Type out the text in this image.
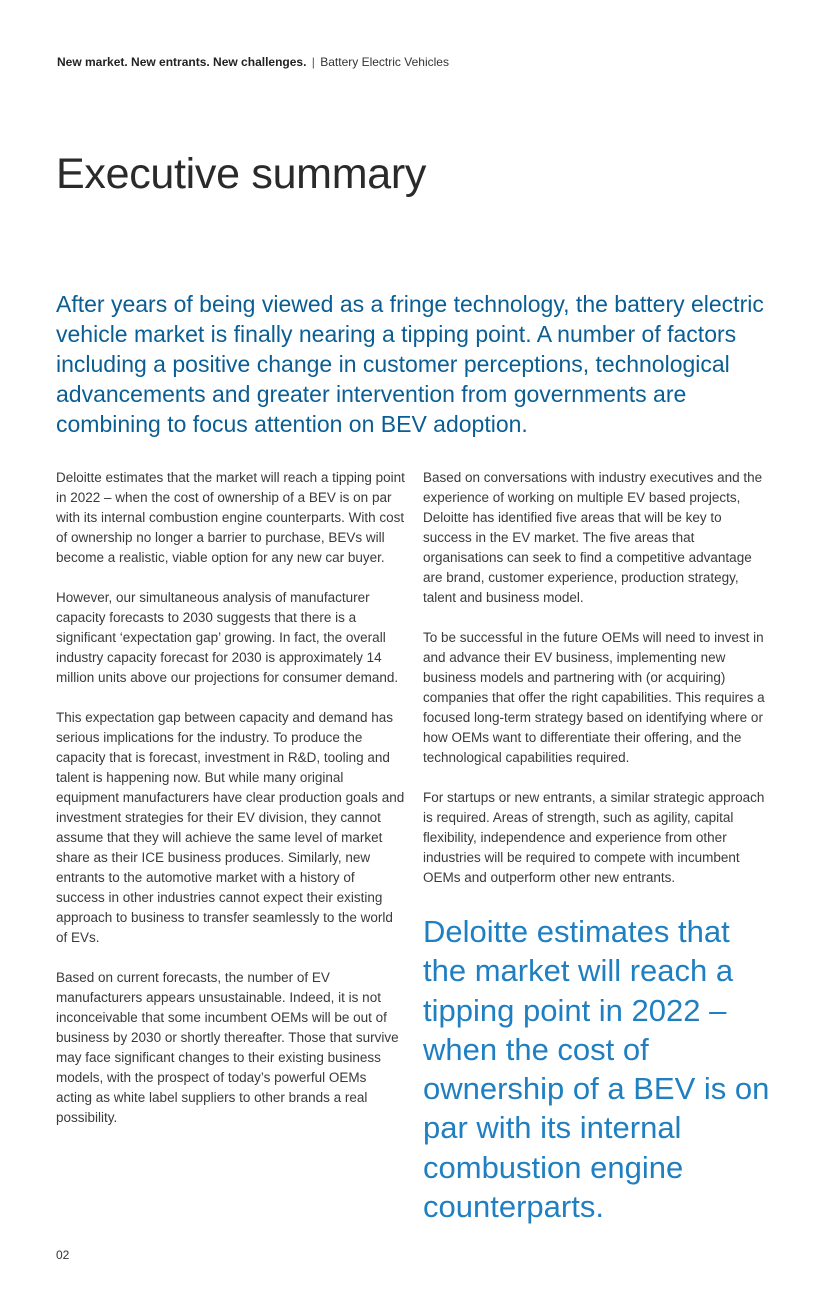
New market. New entrants. New challenges. | Battery Electric Vehicles
Executive summary

After years of being viewed as a fringe technology, the battery electric vehicle market is finally nearing a tipping point. A number of factors including a positive change in customer perceptions, technological advancements and greater intervention from governments are combining to focus attention on BEV adoption.

Deloitte estimates that the market will reach a tipping point in 2022 – when the cost of ownership of a BEV is on par with its internal combustion engine counterparts. With cost of ownership no longer a barrier to purchase, BEVs will become a realistic, viable option for any new car buyer.

However, our simultaneous analysis of manufacturer capacity forecasts to 2030 suggests that there is a significant ‘expectation gap’ growing. In fact, the overall industry capacity forecast for 2030 is approximately 14 million units above our projections for consumer demand.

This expectation gap between capacity and demand has serious implications for the industry. To produce the capacity that is forecast, investment in R&D, tooling and talent is happening now. But while many original equipment manufacturers have clear production goals and investment strategies for their EV division, they cannot assume that they will achieve the same level of market share as their ICE business produces. Similarly, new entrants to the automotive market with a history of success in other industries cannot expect their existing approach to business to transfer seamlessly to the world of EVs.

Based on current forecasts, the number of EV manufacturers appears unsustainable. Indeed, it is not inconceivable that some incumbent OEMs will be out of business by 2030 or shortly thereafter. Those that survive may face significant changes to their existing business models, with the prospect of today’s powerful OEMs acting as white label suppliers to other brands a real possibility.

Based on conversations with industry executives and the experience of working on multiple EV based projects, Deloitte has identified five areas that will be key to success in the EV market. The five areas that organisations can seek to find a competitive advantage are brand, customer experience, production strategy, talent and business model.

To be successful in the future OEMs will need to invest in and advance their EV business, implementing new business models and partnering with (or acquiring) companies that offer the right capabilities. This requires a focused long-term strategy based on identifying where or how OEMs want to differentiate their offering, and the technological capabilities required.

For startups or new entrants, a similar strategic approach is required. Areas of strength, such as agility, capital flexibility, independence and experience from other industries will be required to compete with incumbent OEMs and outperform other new entrants.

Deloitte estimates that the market will reach a tipping point in 2022 – when the cost of ownership of a BEV is on par with its internal combustion engine counterparts.

02
